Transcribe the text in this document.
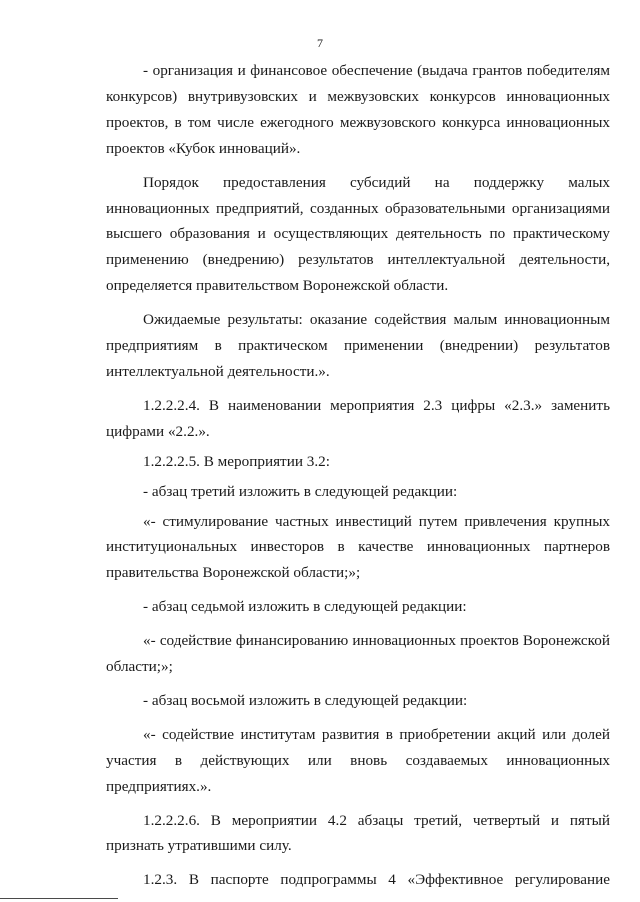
7

- организация и финансовое обеспечение (выдача грантов победителям
конкурсов) внутривузовских и межвузовских конкурсов инновационных
проектов, в том числе ежегодного межвузовского конкурса инновационных
проектов «Кубок инноваций».

Порядок предоставления субсидий на поддержку малых
инновационных предприятий, созданных образовательными организациями
высшего образования и осуществляющих деятельность по практическому
применению (внедрению) результатов интеллектуальной деятельности,
определяется правительством Воронежской области.

Ожидаемые результаты: оказание содействия малым инновационным
предприятиям в практическом применении (внедрении) результатов
интеллектуальной деятельности.».

1.2.2.2.4. В наименовании мероприятия 2.3 цифры «2.3.» заменить
цифрами «2.2.».

1.2.2.2.5. В мероприятии 3.2:

- абзац третий изложить в следующей редакции:

«- стимулирование частных инвестиций путем привлечения крупных
институциональных инвесторов в качестве инновационных партнеров
правительства Воронежской области;»;

- абзац седьмой изложить в следующей редакции:

«- содействие финансированию инновационных проектов Воронежской
области;»;

- абзац восьмой изложить в следующей редакции:

«- содействие институтам развития в приобретении акций или долей
участия в действующих или вновь создаваемых инновационных
предприятиях.».

1.2.2.2.6. В мероприятии 4.2 абзацы третий, четвертый и пятый
признать утратившими силу.

1.2.3. В паспорте подпрограммы 4 «Эффективное регулирование
